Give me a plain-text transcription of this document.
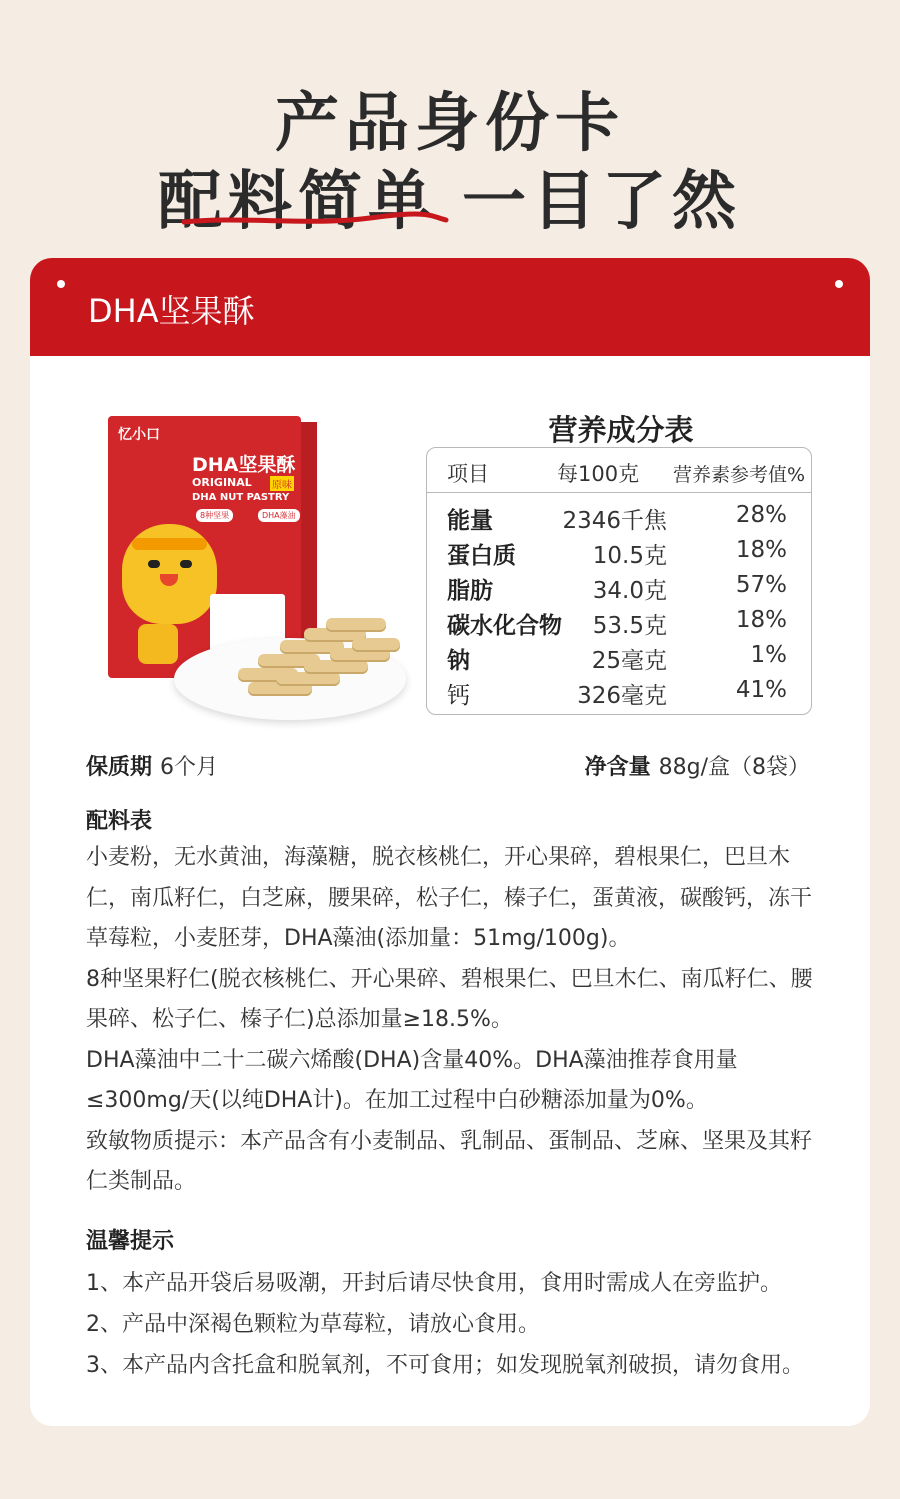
产品身份卡
配料简单 一目了然
DHA坚果酥
忆小口
DHA坚果酥
ORIGINAL 原味
DHA NUT PASTRY
8种坚果	DHA藻油
营养成分表
项目	每100克 营养素参考值%
能量	2346千焦	28%
蛋白质	10.5克	18%
脂肪	34.0克	57%
碳水化合物 53.5克	18%
钠	25毫克	1%
钙	326毫克	41%
保质期 6个月	净含量 88g/盒（8袋）
配料表

小麦粉，无水黄油，海藻糖，脱衣核桃仁，开心果碎，碧根果仁，巴旦木仁，南瓜籽仁，白芝麻，腰果碎，松子仁，榛子仁，蛋黄液，碳酸钙，冻干草莓粒，小麦胚芽，DHA藻油(添加量：51mg/100g)。

8种坚果籽仁(脱衣核桃仁、开心果碎、碧根果仁、巴旦木仁、南瓜籽仁、腰果碎、松子仁、榛子仁)总添加量≥18.5%。

DHA藻油中二十二碳六烯酸(DHA)含量40%。DHA藻油推荐食用量≤300mg/天(以纯DHA计)。在加工过程中白砂糖添加量为0%。

致敏物质提示：本产品含有小麦制品、乳制品、蛋制品、芝麻、坚果及其籽仁类制品。

温馨提示

1、本产品开袋后易吸潮，开封后请尽快食用，食用时需成人在旁监护。

2、产品中深褐色颗粒为草莓粒，请放心食用。

3、本产品内含托盒和脱氧剂，不可食用；如发现脱氧剂破损，请勿食用。
